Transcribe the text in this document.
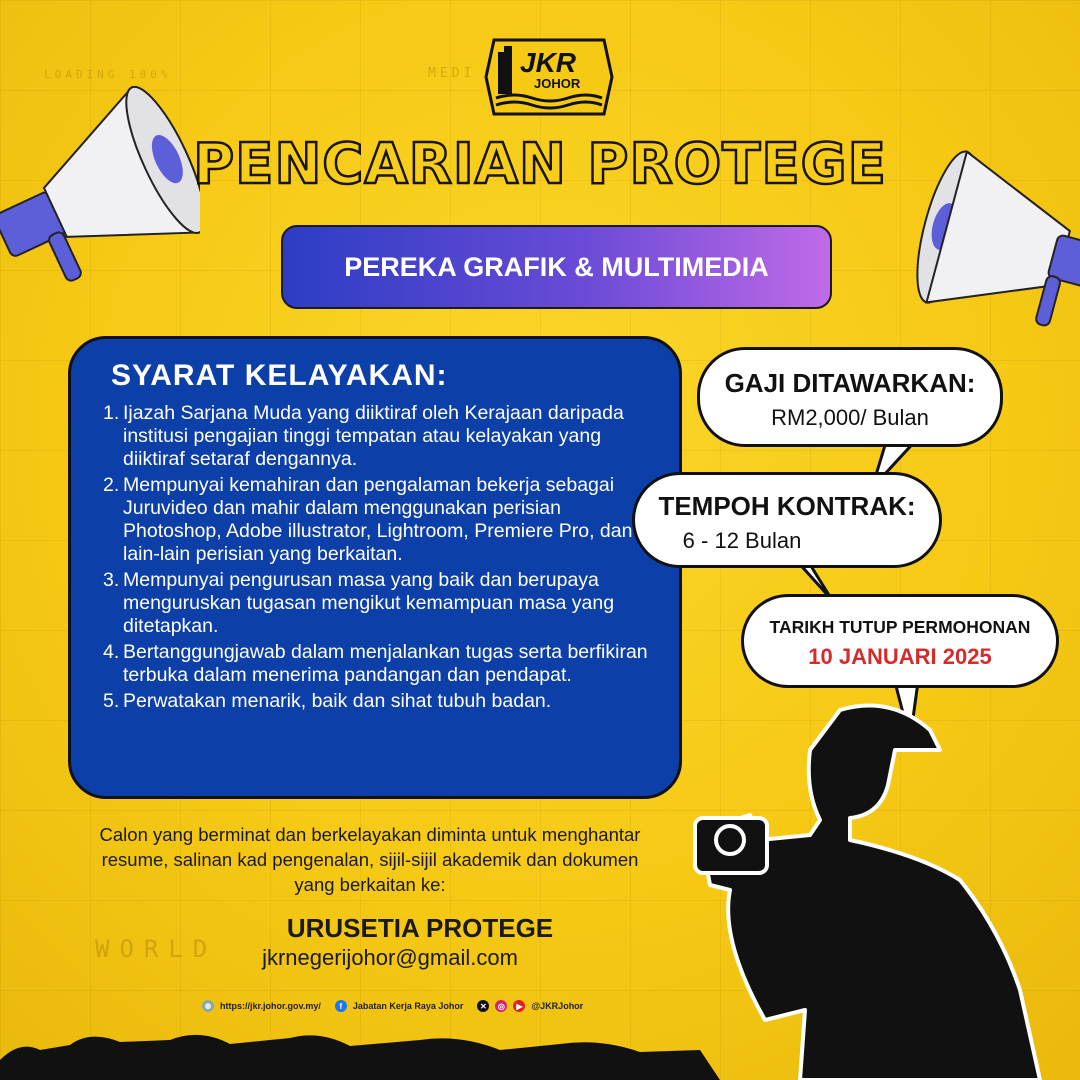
LOADING 100%	MEDI
WORLD
JKR
JOHOR
PENCARIAN PROTEGE
PEREKA GRAFIK & MULTIMEDIA
SYARAT KELAYAKAN:
1. Ijazah Sarjana Muda yang diiktiraf oleh Kerajaan daripada institusi pengajian tinggi tempatan atau kelayakan yang diiktiraf setaraf dengannya.
2. Mempunyai kemahiran dan pengalaman bekerja sebagai Juruvideo dan mahir dalam menggunakan perisian Photoshop, Adobe illustrator, Lightroom, Premiere Pro, dan lain-lain perisian yang berkaitan.
3. Mempunyai pengurusan masa yang baik dan berupaya menguruskan tugasan mengikut kemampuan masa yang ditetapkan.
4. Bertanggungjawab dalam menjalankan tugas serta berfikiran terbuka dalam menerima pandangan dan pendapat.
5. Perwatakan menarik, baik dan sihat tubuh badan.
GAJI DITAWARKAN:
RM2,000/ Bulan
TEMPOH KONTRAK:
6 - 12 Bulan
TARIKH TUTUP PERMOHONAN
10 JANUARI 2025
Calon yang berminat dan berkelayakan diminta untuk menghantar resume, salinan kad pengenalan, sijil-sijil akademik dan dokumen yang berkaitan ke:
URUSETIA PROTEGE
jkrnegerijohor@gmail.com
◍ https://jkr.johor.gov.my/	f	Jabatan Kerja Raya Johor	✕	◎	▶ @JKRJohor
